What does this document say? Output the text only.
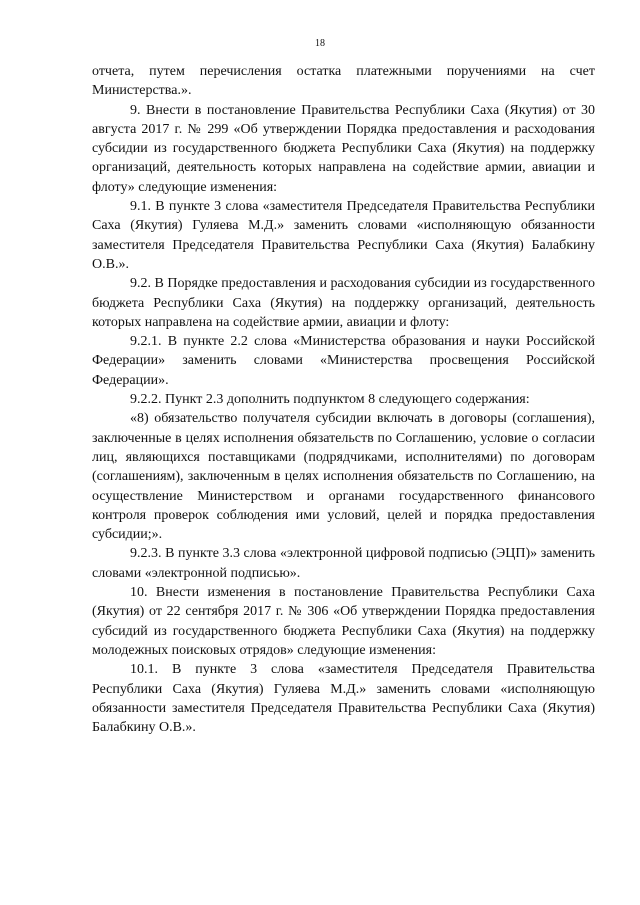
18

отчета, путем перечисления остатка платежными поручениями на счет Министерства.».

9. Внести в постановление Правительства Республики Саха (Якутия) от 30 августа 2017 г. № 299 «Об утверждении Порядка предоставления и расходования субсидии из государственного бюджета Республики Саха (Якутия) на поддержку организаций, деятельность которых направлена на содействие армии, авиации и флоту» следующие изменения:

9.1. В пункте 3 слова «заместителя Председателя Правительства Республики Саха (Якутия) Гуляева М.Д.» заменить словами «исполняющую обязанности заместителя Председателя Правительства Республики Саха (Якутия) Балабкину О.В.».

9.2. В Порядке предоставления и расходования субсидии из государственного бюджета Республики Саха (Якутия) на поддержку организаций, деятельность которых направлена на содействие армии, авиации и флоту:

9.2.1. В пункте 2.2 слова «Министерства образования и науки Российской Федерации» заменить словами «Министерства просвещения Российской Федерации».

9.2.2. Пункт 2.3 дополнить подпунктом 8 следующего содержания:

«8) обязательство получателя субсидии включать в договоры (соглашения), заключенные в целях исполнения обязательств по Соглашению, условие о согласии лиц, являющихся поставщиками (подрядчиками, исполнителями) по договорам (соглашениям), заключенным в целях исполнения обязательств по Соглашению, на осуществление Министерством и органами государственного финансового контроля проверок соблюдения ими условий, целей и порядка предоставления субсидии;».

9.2.3. В пункте 3.3 слова «электронной цифровой подписью (ЭЦП)» заменить словами «электронной подписью».

10. Внести изменения в постановление Правительства Республики Саха (Якутия) от 22 сентября 2017 г. № 306 «Об утверждении Порядка предоставления субсидий из государственного бюджета Республики Саха (Якутия) на поддержку молодежных поисковых отрядов» следующие изменения:

10.1. В пункте 3 слова «заместителя Председателя Правительства Республики Саха (Якутия) Гуляева М.Д.» заменить словами «исполняющую обязанности заместителя Председателя Правительства Республики Саха (Якутия) Балабкину О.В.».
